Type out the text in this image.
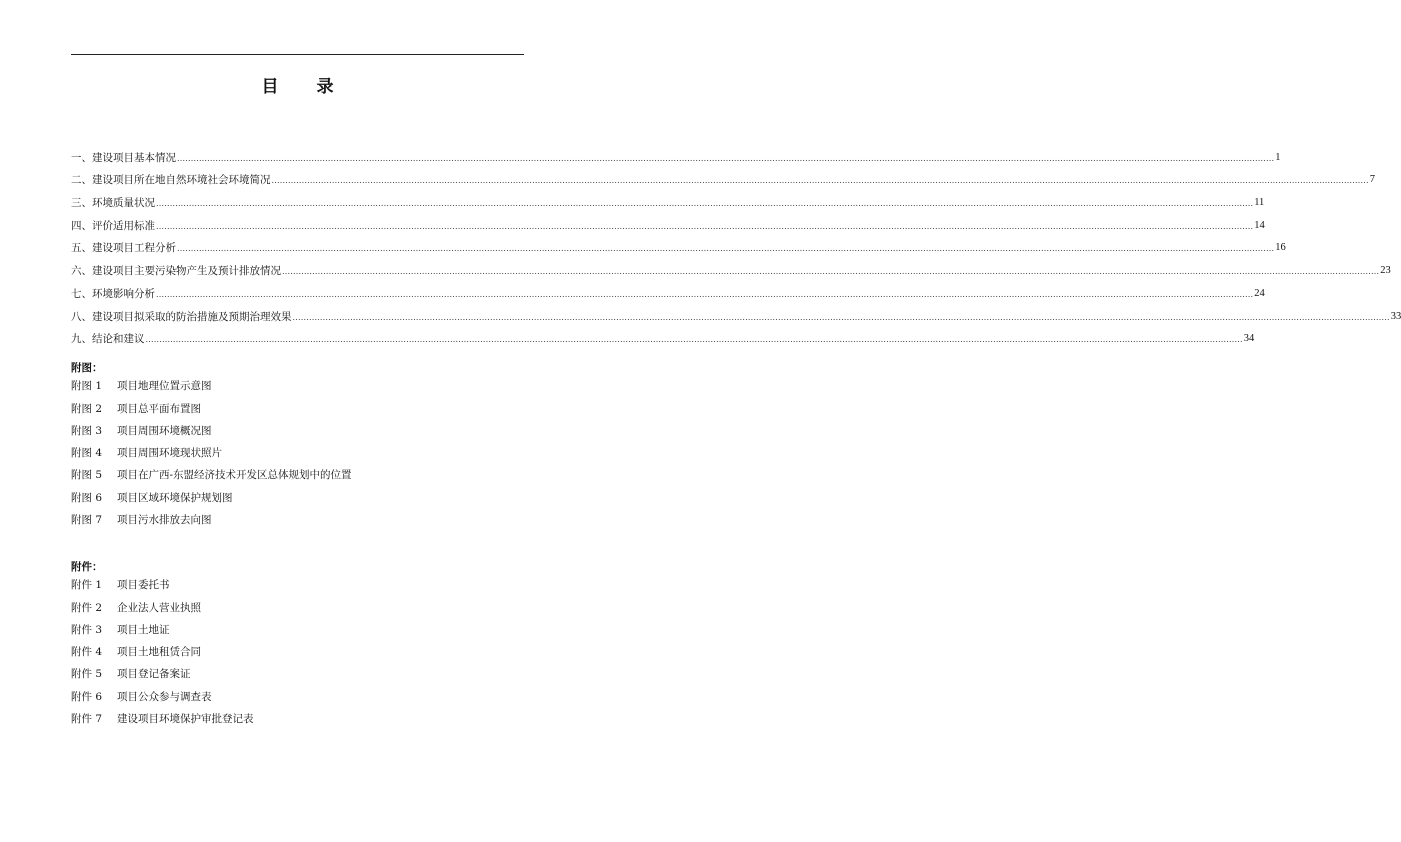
目 录
一、建设项目基本情况 ................................................................................................................................................................................................................................................................................................................................................................................................................ 1
二、建设项目所在地自然环境社会环境简况 ................................................................................................................................................................................................................................................................................................................................................................................................................ 7
三、环境质量状况 ................................................................................................................................................................................................................................................................................................................................................................................................................ 11
四、评价适用标准 ................................................................................................................................................................................................................................................................................................................................................................................................................ 14
五、建设项目工程分析 ................................................................................................................................................................................................................................................................................................................................................................................................................ 16
六、建设项目主要污染物产生及预计排放情况 ................................................................................................................................................................................................................................................................................................................................................................................................................ 23
七、环境影响分析 ................................................................................................................................................................................................................................................................................................................................................................................................................ 24
八、建设项目拟采取的防治措施及预期治理效果 ................................................................................................................................................................................................................................................................................................................................................................................................................ 33
九、结论和建议 ................................................................................................................................................................................................................................................................................................................................................................................................................ 34
附图：
附图 1	项目地理位置示意图
附图 2	项目总平面布置图
附图 3	项目周围环境概况图
附图 4	项目周围环境现状照片
附图 5	项目在广西-东盟经济技术开发区总体规划中的位置
附图 6	项目区域环境保护规划图
附图 7	项目污水排放去向图
附件：
附件 1	项目委托书
附件 2	企业法人营业执照
附件 3	项目土地证
附件 4	项目土地租赁合同
附件 5	项目登记备案证
附件 6	项目公众参与调查表
附件 7	建设项目环境保护审批登记表
